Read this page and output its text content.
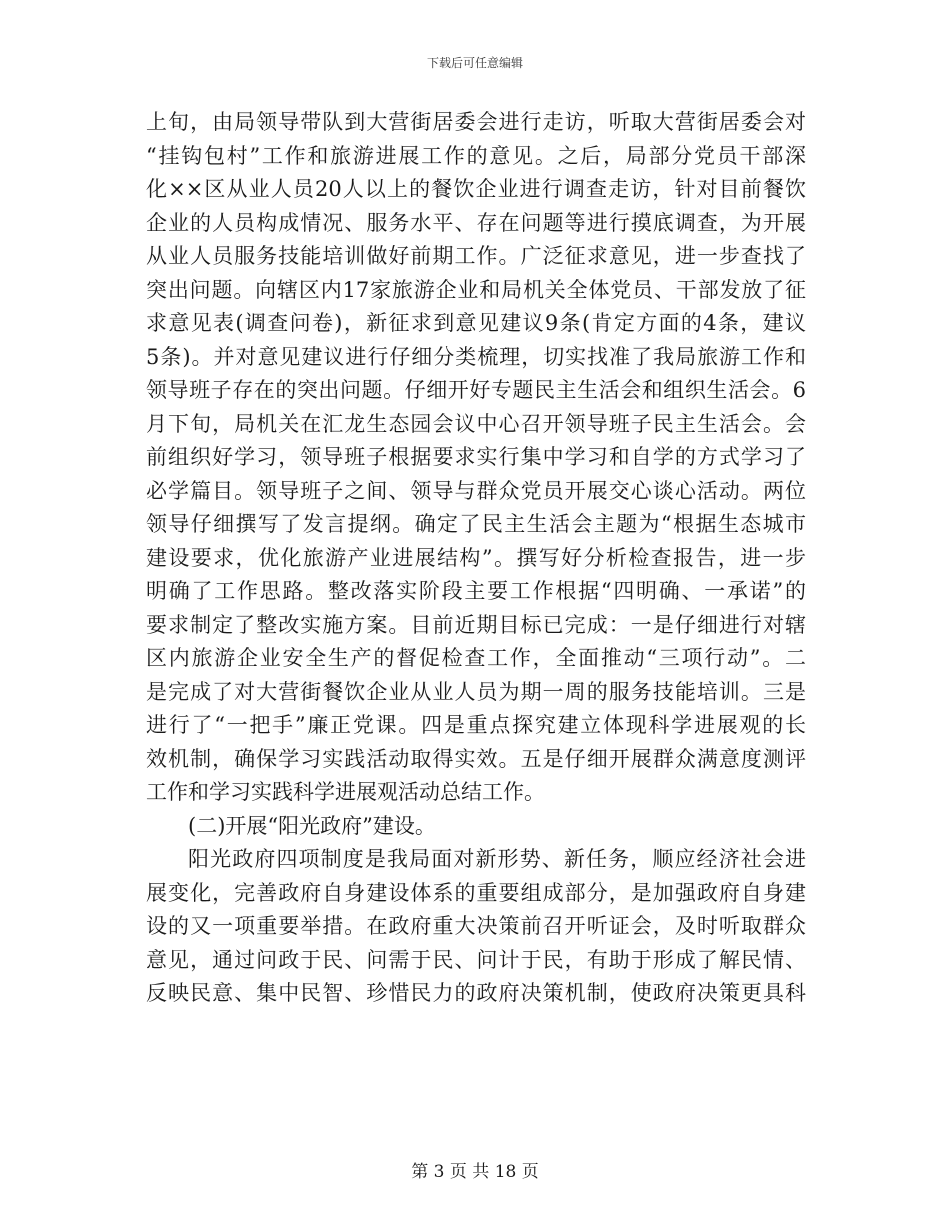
下载后可任意编辑
上旬，由局领导带队到大营街居委会进行走访，听取大营街居委会对
“挂钩包村”工作和旅游进展工作的意见。之后，局部分党员干部深
化××区从业人员20人以上的餐饮企业进行调查走访，针对目前餐饮
企业的人员构成情况、服务水平、存在问题等进行摸底调查，为开展
从业人员服务技能培训做好前期工作。广泛征求意见，进一步查找了
突出问题。向辖区内17家旅游企业和局机关全体党员、干部发放了征
求意见表(调查问卷)，新征求到意见建议9条(肯定方面的4条，建议
5条)。并对意见建议进行仔细分类梳理，切实找准了我局旅游工作和
领导班子存在的突出问题。仔细开好专题民主生活会和组织生活会。6
月下旬，局机关在汇龙生态园会议中心召开领导班子民主生活会。会
前组织好学习，领导班子根据要求实行集中学习和自学的方式学习了
必学篇目。领导班子之间、领导与群众党员开展交心谈心活动。两位
领导仔细撰写了发言提纲。确定了民主生活会主题为“根据生态城市
建设要求，优化旅游产业进展结构”。撰写好分析检查报告，进一步
明确了工作思路。整改落实阶段主要工作根据“四明确、一承诺”的
要求制定了整改实施方案。目前近期目标已完成：一是仔细进行对辖
区内旅游企业安全生产的督促检查工作，全面推动“三项行动”。二
是完成了对大营街餐饮企业从业人员为期一周的服务技能培训。三是
进行了“一把手”廉正党课。四是重点探究建立体现科学进展观的长
效机制，确保学习实践活动取得实效。五是仔细开展群众满意度测评
工作和学习实践科学进展观活动总结工作。
(二)开展“阳光政府”建设。
阳光政府四项制度是我局面对新形势、新任务，顺应经济社会进
展变化，完善政府自身建设体系的重要组成部分，是加强政府自身建
设的又一项重要举措。在政府重大决策前召开听证会，及时听取群众
意见，通过问政于民、问需于民、问计于民，有助于形成了解民情、
反映民意、集中民智、珍惜民力的政府决策机制，使政府决策更具科
第 3 页 共 18 页
